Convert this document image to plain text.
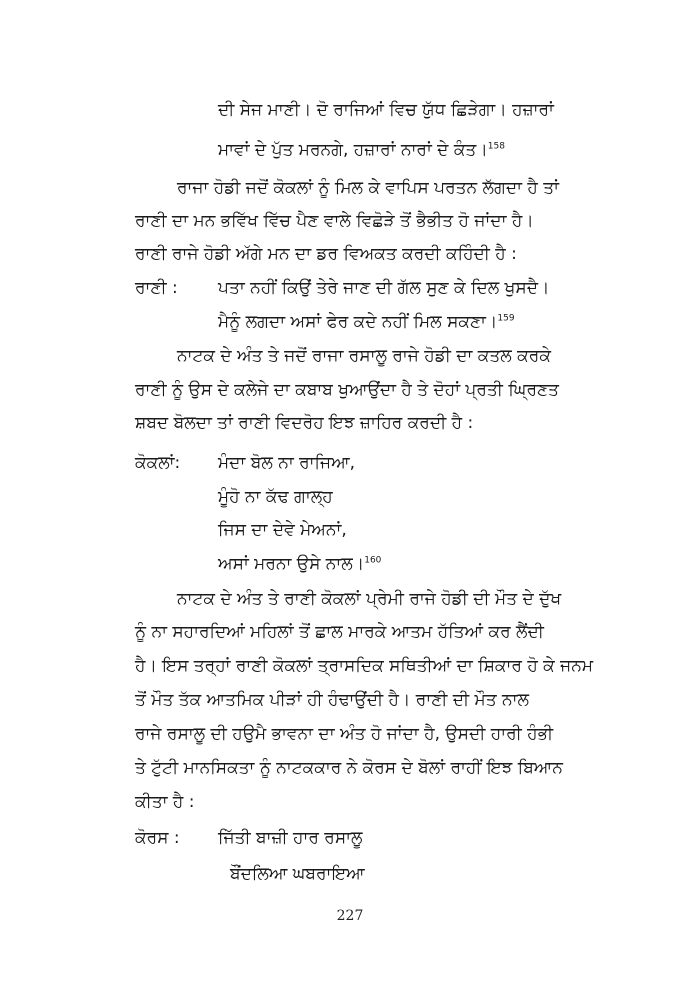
ਦੀ ਸੇਜ ਮਾਣੀ। ਦੋ ਰਾਜਿਆਂ ਵਿਚ ਯੁੱਧ ਛਿੜੇਗਾ। ਹਜ਼ਾਰਾਂ

ਮਾਵਾਂ ਦੇ ਪੁੱਤ ਮਰਨਗੇ, ਹਜ਼ਾਰਾਂ ਨਾਰਾਂ ਦੇ ਕੰਤ।$^{158}$

ਰਾਜਾ ਹੋਡੀ ਜਦੋਂ ਕੋਕਲਾਂ ਨੂੰ ਮਿਲ ਕੇ ਵਾਪਿਸ ਪਰਤਨ ਲੱਗਦਾ ਹੈ ਤਾਂ

ਰਾਣੀ ਦਾ ਮਨ ਭਵਿੱਖ ਵਿੱਚ ਪੈਣ ਵਾਲੇ ਵਿਛੋੜੇ ਤੋਂ ਭੈਭੀਤ ਹੋ ਜਾਂਦਾ ਹੈ।

ਰਾਣੀ ਰਾਜੇ ਹੋਡੀ ਅੱਗੇ ਮਨ ਦਾ ਡਰ ਵਿਅਕਤ ਕਰਦੀ ਕਹਿੰਦੀ ਹੈ :

ਰਾਣੀ : ਪਤਾ ਨਹੀਂ ਕਿਉਂ ਤੇਰੇ ਜਾਣ ਦੀ ਗੱਲ ਸੁਣ ਕੇ ਦਿਲ ਖੁਸਦੈ।

ਮੈਨੂੰ ਲਗਦਾ ਅਸਾਂ ਫੇਰ ਕਦੇ ਨਹੀਂ ਮਿਲ ਸਕਣਾ।$^{159}$

ਨਾਟਕ ਦੇ ਅੰਤ ਤੇ ਜਦੋਂ ਰਾਜਾ ਰਸਾਲੂ ਰਾਜੇ ਹੋਡੀ ਦਾ ਕਤਲ ਕਰਕੇ

ਰਾਣੀ ਨੂੰ ਉਸ ਦੇ ਕਲੇਜੇ ਦਾ ਕਬਾਬ ਖੁਆਉਂਦਾ ਹੈ ਤੇ ਦੋਹਾਂ ਪ੍ਰਤੀ ਘ੍ਰਿਣਤ

ਸ਼ਬਦ ਬੋਲਦਾ ਤਾਂ ਰਾਣੀ ਵਿਦਰੋਹ ਇਝ ਜ਼ਾਹਿਰ ਕਰਦੀ ਹੈ :

ਕੋਕਲਾਂ: ਮੰਦਾ ਬੋਲ ਨਾ ਰਾਜਿਆ,

ਮੂੰਹੋ ਨਾ ਕੱਢ ਗਾਲ੍ਹ

ਜਿਸ ਦਾ ਦੇਵੇ ਮੇਅਨਾਂ,

ਅਸਾਂ ਮਰਨਾ ਉਸੇ ਨਾਲ।$^{160}$

ਨਾਟਕ ਦੇ ਅੰਤ ਤੇ ਰਾਣੀ ਕੋਕਲਾਂ ਪ੍ਰੇਮੀ ਰਾਜੇ ਹੋਡੀ ਦੀ ਮੌਤ ਦੇ ਦੁੱਖ

ਨੂੰ ਨਾ ਸਹਾਰਦਿਆਂ ਮਹਿਲਾਂ ਤੋਂ ਛਾਲ ਮਾਰਕੇ ਆਤਮ ਹੱਤਿਆਂ ਕਰ ਲੈਂਦੀ

ਹੈ। ਇਸ ਤਰ੍ਹਾਂ ਰਾਣੀ ਕੋਕਲਾਂ ਤ੍ਰਾਸਦਿਕ ਸਥਿਤੀਆਂ ਦਾ ਸ਼ਿਕਾਰ ਹੋ ਕੇ ਜਨਮ

ਤੋਂ ਮੌਤ ਤੱਕ ਆਤਮਿਕ ਪੀੜਾਂ ਹੀ ਹੰਢਾਉਂਦੀ ਹੈ। ਰਾਣੀ ਦੀ ਮੌਤ ਨਾਲ

ਰਾਜੇ ਰਸਾਲੂ ਦੀ ਹਉਮੈ ਭਾਵਨਾ ਦਾ ਅੰਤ ਹੋ ਜਾਂਦਾ ਹੈ, ਉਸਦੀ ਹਾਰੀ ਹੰਭੀ

ਤੇ ਟੁੱਟੀ ਮਾਨਸਿਕਤਾ ਨੂੰ ਨਾਟਕਕਾਰ ਨੇ ਕੋਰਸ ਦੇ ਬੋਲਾਂ ਰਾਹੀਂ ਇਝ ਬਿਆਨ

ਕੀਤਾ ਹੈ :

ਕੋਰਸ : ਜਿੱਤੀ ਬਾਜ਼ੀ ਹਾਰ ਰਸਾਲੂ

ਬੌਂਦਲਿਆ ਘਬਰਾਇਆ

227
